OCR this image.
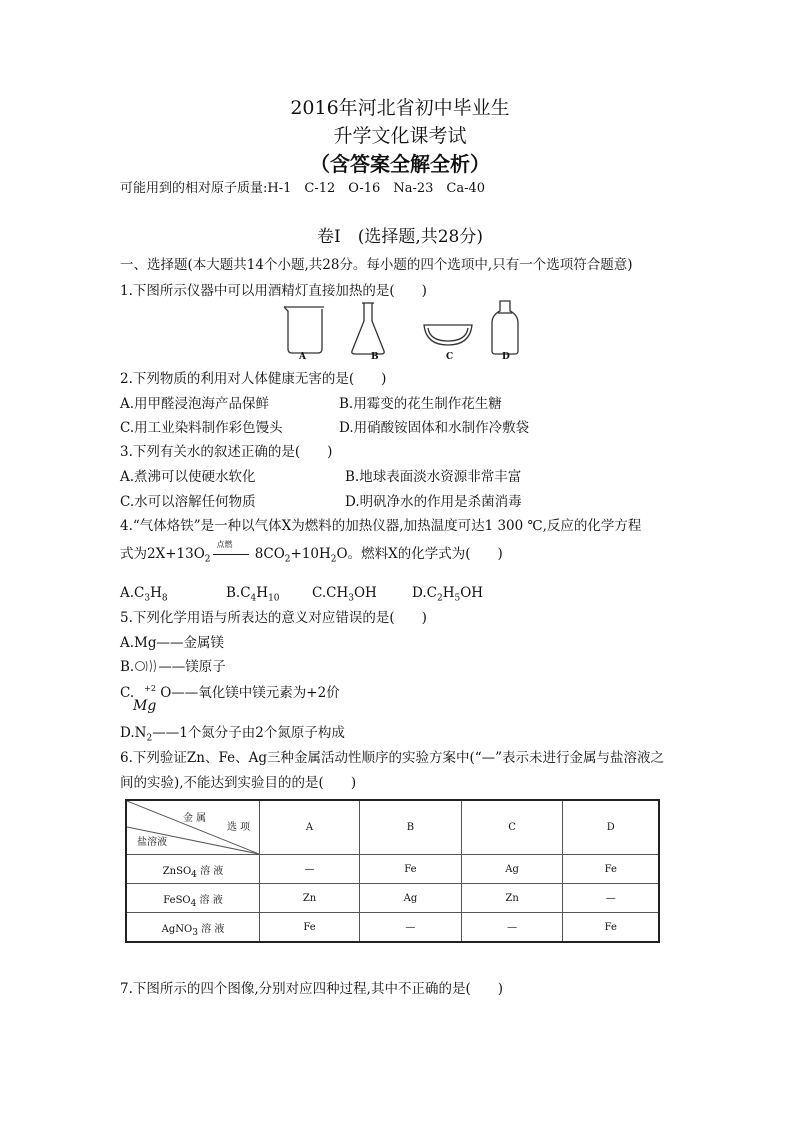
2016年河北省初中毕业生
升学文化课考试
（含答案全解全析）
可能用到的相对原子质量:H-1　C-12　O-16　Na-23　Ca-40
卷Ⅰ　(选择题,共28分)
一、选择题(本大题共14个小题,共28分。每小题的四个选项中,只有一个选项符合题意)
1.下图所示仪器中可以用酒精灯直接加热的是(　　)
A	B	C	D
2.下列物质的利用对人体健康无害的是(　　)
A.用甲醛浸泡海产品保鲜	B.用霉变的花生制作花生糖
C.用工业染料制作彩色馒头	D.用硝酸铵固体和水制作冷敷袋
3.下列有关水的叙述正确的是(　　)
A.煮沸可以使硬水软化	B.地球表面淡水资源非常丰富
C.水可以溶解任何物质	D.明矾净水的作用是杀菌消毒
4.“气体烙铁”是一种以气体X为燃料的加热仪器,加热温度可达1 300 ℃,反应的化学方程
式为$2X+13O_2$
点燃
$8CO_2+10H_2O$。燃料X的化学式为(　　)
$A.C_3H_8$	$B.C_4H_{10}$ $C.CH_3OH$	$D.C_2H_5OH$
5.下列化学用语与所表达的意义对应错误的是(　　)
A.Mg——金属镁
B. ——镁原子
C. $^{+2}$ O——氧化镁中镁元素为+2价
Mg
$D.N_2——1$个氮分子由2个氮原子构成
6.下列验证Zn、Fe、Ag三种金属活动性顺序的实验方案中(“—”表示未进行金属与盐溶液之
间的实验),不能达到实验目的的是(　　)
金 属
选 项
盐溶液	A	B	C	D
ZnSO$_4$ 溶 液	—	Fe	Ag	Fe
FeSO$_4$ 溶 液	Zn	Ag	Zn	—
AgNO$_3$ 溶 液	Fe	—	—	Fe
7.下图所示的四个图像,分别对应四种过程,其中不正确的是(　　)
